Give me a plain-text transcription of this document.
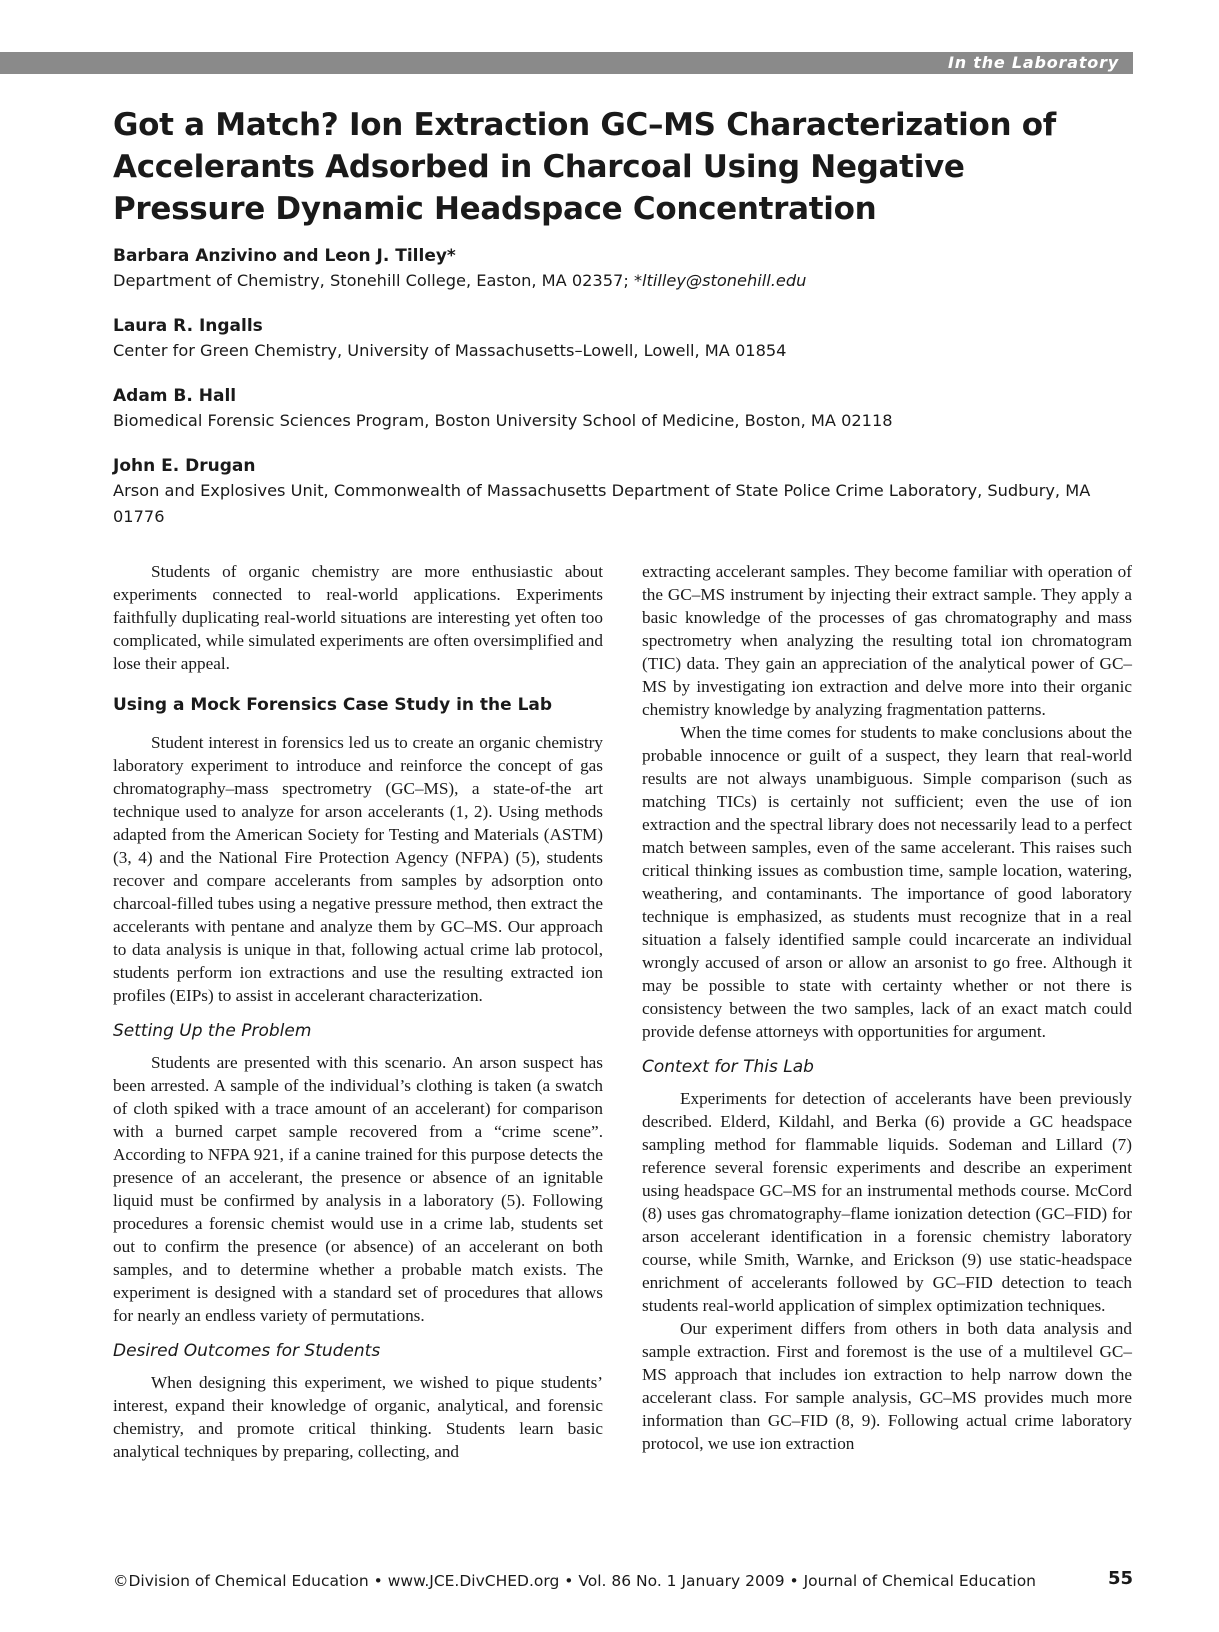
In the Laboratory
Got a Match? Ion Extraction GC–MS Characterization of Accelerants Adsorbed in Charcoal Using Negative Pressure Dynamic Headspace Concentration
Barbara Anzivino and Leon J. Tilley*
Department of Chemistry, Stonehill College, Easton, MA 02357; *ltilley@stonehill.edu
Laura R. Ingalls
Center for Green Chemistry, University of Massachusetts–Lowell, Lowell, MA 01854
Adam B. Hall
Biomedical Forensic Sciences Program, Boston University School of Medicine, Boston, MA 02118
John E. Drugan
Arson and Explosives Unit, Commonwealth of Massachusetts Department of State Police Crime Laboratory, Sudbury, MA 01776

Students of organic chemistry are more enthusiastic about experiments connected to real-world applications. Experiments faithfully duplicating real-world situations are interesting yet often too complicated, while simulated experiments are often oversimplified and lose their appeal.

Using a Mock Forensics Case Study in the Lab

Student interest in forensics led us to create an organic chemistry laboratory experiment to introduce and reinforce the concept of gas chromatography–mass spectrometry (GC–MS), a state-of-the art technique used to analyze for arson accelerants (1, 2). Using methods adapted from the American Society for Testing and Materials (ASTM) (3, 4) and the National Fire Protection Agency (NFPA) (5), students recover and compare accelerants from samples by adsorption onto charcoal-filled tubes using a negative pressure method, then extract the accelerants with pentane and analyze them by GC–MS. Our approach to data analysis is unique in that, following actual crime lab protocol, students perform ion extractions and use the resulting extracted ion profiles (EIPs) to assist in accelerant characterization.

Setting Up the Problem

Students are presented with this scenario. An arson suspect has been arrested. A sample of the individual’s clothing is taken (a swatch of cloth spiked with a trace amount of an accelerant) for comparison with a burned carpet sample recovered from a “crime scene”. According to NFPA 921, if a canine trained for this purpose detects the presence of an accelerant, the presence or absence of an ignitable liquid must be confirmed by analysis in a laboratory (5). Following procedures a forensic chemist would use in a crime lab, students set out to confirm the presence (or absence) of an accelerant on both samples, and to determine whether a probable match exists. The experiment is designed with a standard set of procedures that allows for nearly an endless variety of permutations.

Desired Outcomes for Students

When designing this experiment, we wished to pique students’ interest, expand their knowledge of organic, analytical, and forensic chemistry, and promote critical thinking. Students learn basic analytical techniques by preparing, collecting, and

extracting accelerant samples. They become familiar with operation of the GC–MS instrument by injecting their extract sample. They apply a basic knowledge of the processes of gas chromatography and mass spectrometry when analyzing the resulting total ion chromatogram (TIC) data. They gain an appreciation of the analytical power of GC–MS by investigating ion extraction and delve more into their organic chemistry knowledge by analyzing fragmentation patterns.

When the time comes for students to make conclusions about the probable innocence or guilt of a suspect, they learn that real-world results are not always unambiguous. Simple comparison (such as matching TICs) is certainly not sufficient; even the use of ion extraction and the spectral library does not necessarily lead to a perfect match between samples, even of the same accelerant. This raises such critical thinking issues as combustion time, sample location, watering, weathering, and contaminants. The importance of good laboratory technique is emphasized, as students must recognize that in a real situation a falsely identified sample could incarcerate an individual wrongly accused of arson or allow an arsonist to go free. Although it may be possible to state with certainty whether or not there is consistency between the two samples, lack of an exact match could provide defense attorneys with opportunities for argument.

Context for This Lab

Experiments for detection of accelerants have been previously described. Elderd, Kildahl, and Berka (6) provide a GC headspace sampling method for flammable liquids. Sodeman and Lillard (7) reference several forensic experiments and describe an experiment using headspace GC–MS for an instrumental methods course. McCord (8) uses gas chromatography–flame ionization detection (GC–FID) for arson accelerant identification in a forensic chemistry laboratory course, while Smith, Warnke, and Erickson (9) use static-headspace enrichment of accelerants followed by GC–FID detection to teach students real-world application of simplex optimization techniques.

Our experiment differs from others in both data analysis and sample extraction. First and foremost is the use of a multilevel GC–MS approach that includes ion extraction to help narrow down the accelerant class. For sample analysis, GC–MS provides much more information than GC–FID (8, 9). Following actual crime laboratory protocol, we use ion extraction

©Division of Chemical Education • www.JCE.DivCHED.org • Vol. 86 No. 1 January 2009 • Journal of Chemical Education	55
